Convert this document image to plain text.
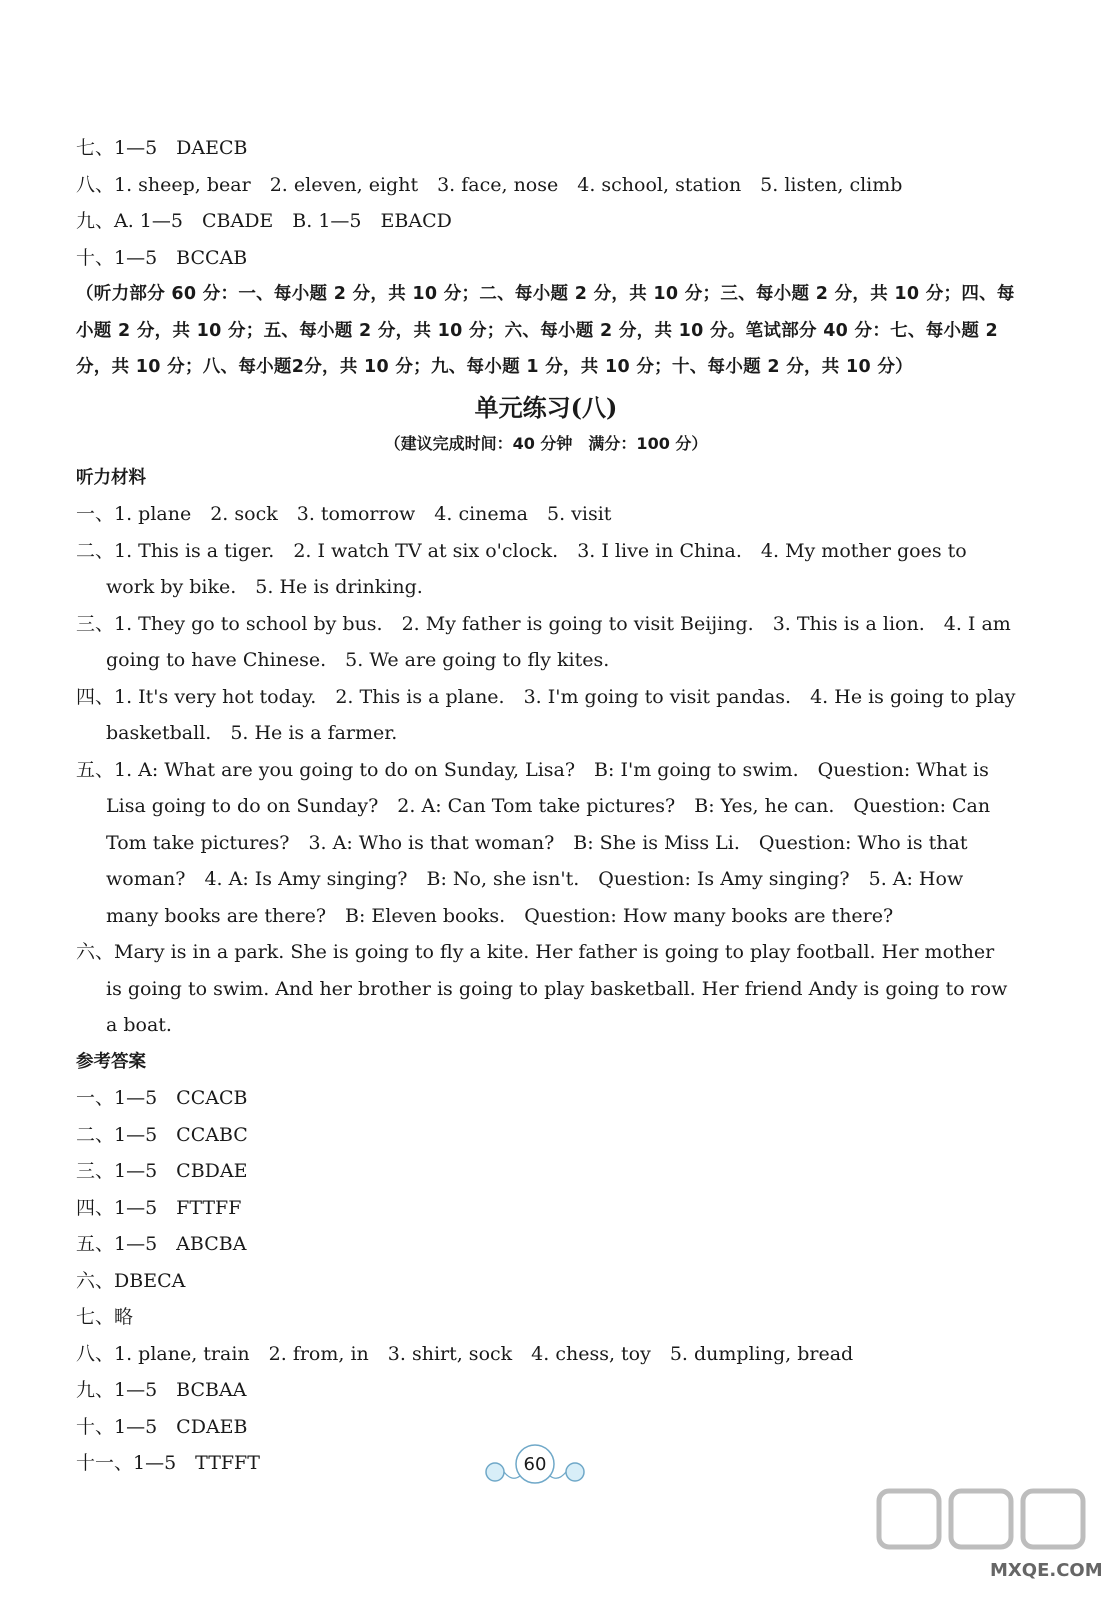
七、1—5　DAECB
八、1. sheep, bear　2. eleven, eight　3. face, nose　4. school, station　5. listen, climb
九、A. 1—5　CBADE　B. 1—5　EBACD
十、1—5　BCCAB
（听力部分 60 分：一、每小题 2 分，共 10 分；二、每小题 2 分，共 10 分；三、每小题 2 分，共 10 分；四、每小题 2 分，共 10 分；五、每小题 2 分，共 10 分；六、每小题 2 分，共 10 分。笔试部分 40 分：七、每小题 2 分，共 10 分；八、每小题2分，共 10 分；九、每小题 1 分，共 10 分；十、每小题 2 分，共 10 分）
单元练习(八)
（建议完成时间：40 分钟　满分：100 分）
听力材料
一、1. plane　2. sock　3. tomorrow　4. cinema　5. visit
二、1. This is a tiger.　2. I watch TV at six o'clock.　3. I live in China.　4. My mother goes to work by bike.　5. He is drinking.
三、1. They go to school by bus.　2. My father is going to visit Beijing.　3. This is a lion.　4. I am going to have Chinese.　5. We are going to fly kites.
四、1. It's very hot today.　2. This is a plane.　3. I'm going to visit pandas.　4. He is going to play basketball.　5. He is a farmer.
五、1. A: What are you going to do on Sunday, Lisa?　B: I'm going to swim.　Question: What is Lisa going to do on Sunday?　2. A: Can Tom take pictures?　B: Yes, he can.　Question: Can Tom take pictures?　3. A: Who is that woman?　B: She is Miss Li.　Question: Who is that woman?　4. A: Is Amy singing?　B: No, she isn't.　Question: Is Amy singing?　5. A: How many books are there?　B: Eleven books.　Question: How many books are there?
六、Mary is in a park. She is going to fly a kite. Her father is going to play football. Her mother is going to swim. And her brother is going to play basketball. Her friend Andy is going to row a boat.
参考答案
一、1—5　CCACB
二、1—5　CCABC
三、1—5　CBDAE
四、1—5　FTTFF
五、1—5　ABCBA
六、DBECA
七、略
八、1. plane, train　2. from, in　3. shirt, sock　4. chess, toy　5. dumpling, bread
九、1—5　BCBAA
十、1—5　CDAEB
十一、1—5　TTFFT	60
MXQE.COM
